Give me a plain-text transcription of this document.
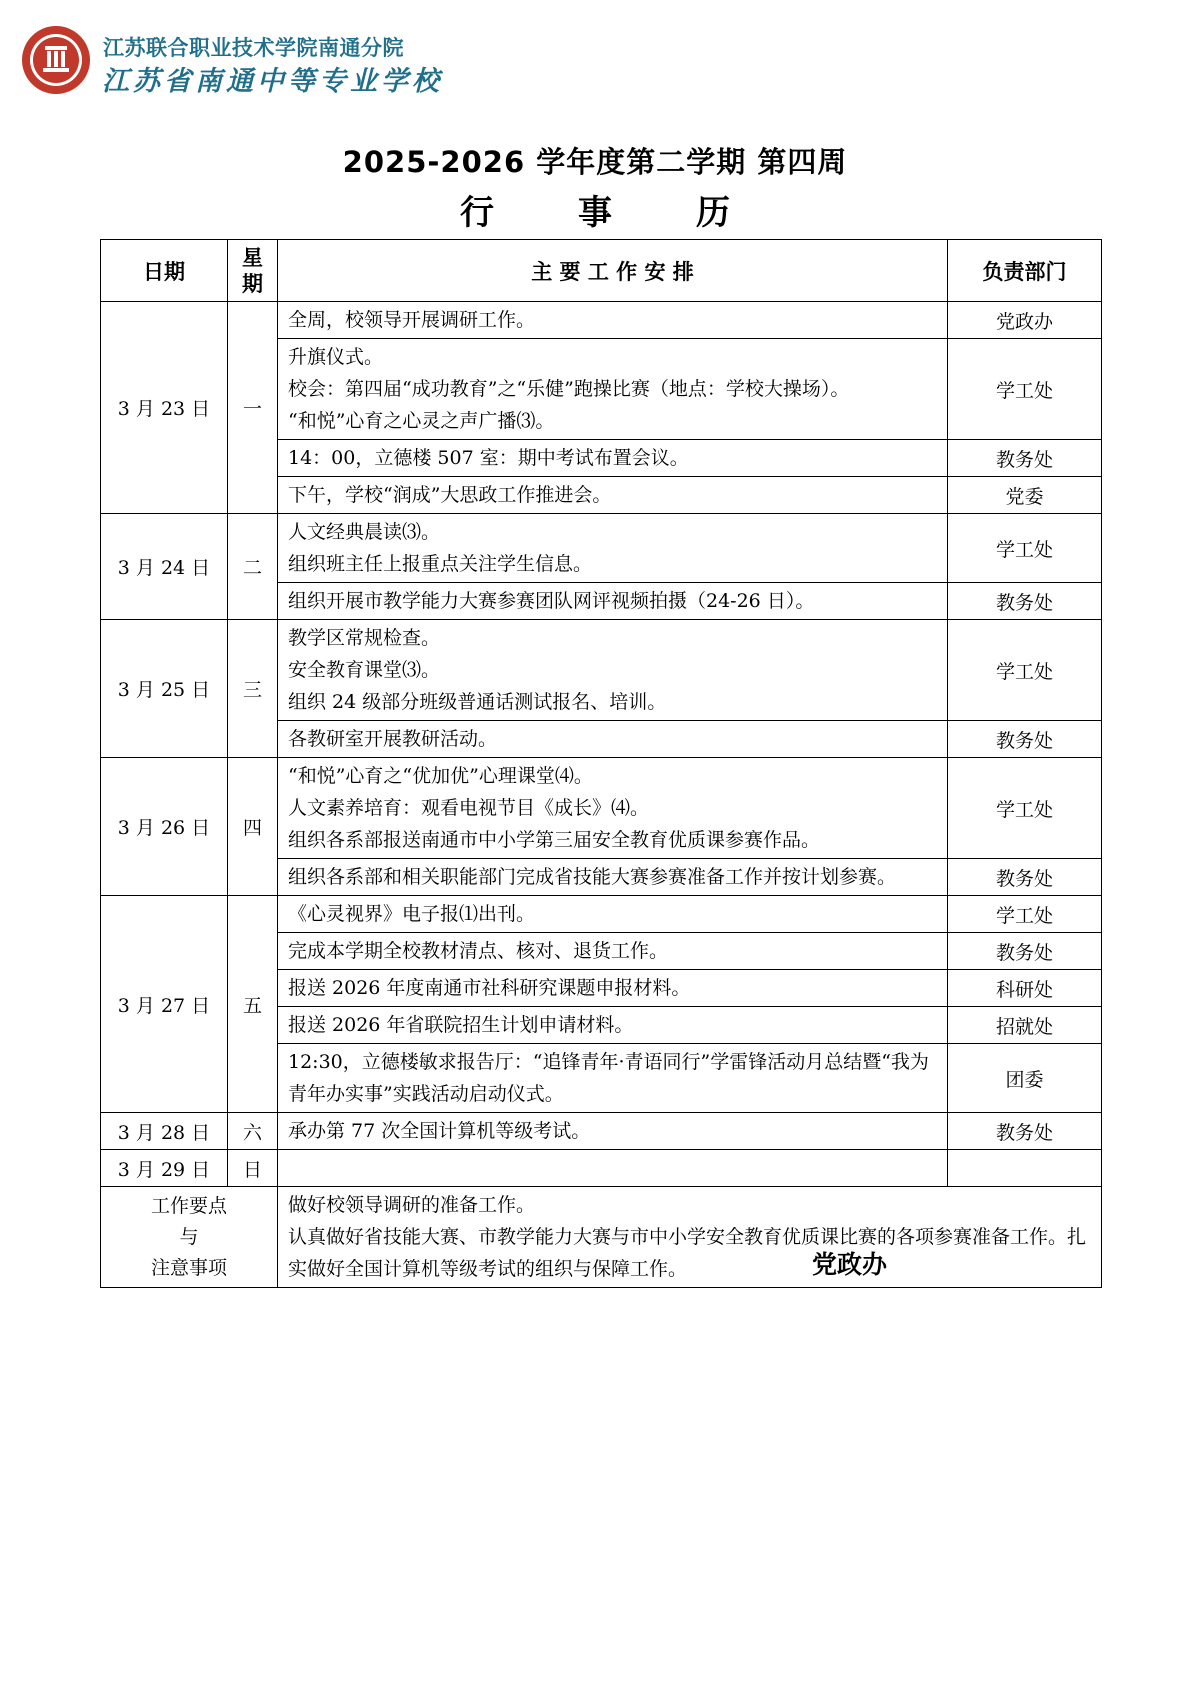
江苏联合职业技术学院南通分院
江苏省南通中等专业学校
2025-2026 学年度第二学期 第四周
行 事 历
日期	星期	主 要 工 作 安 排	负责部门
3 月 23 日	一	全周，校领导开展调研工作。	党政办

		升旗仪式。
校会：第四届“成功教育”之“乐健”跑操比赛（地点：学校大操场）。
“和悦”心育之心灵之声广播⑶。	学工处

		14：00，立德楼 507 室：期中考试布置会议。	教务处

		下午，学校“润成”大思政工作推进会。	党委
3 月 24 日	二	人文经典晨读⑶。
组织班主任上报重点关注学生信息。	学工处

		组织开展市教学能力大赛参赛团队网评视频拍摄（24-26 日）。	教务处
3 月 25 日	三	教学区常规检查。
安全教育课堂⑶。
组织 24 级部分班级普通话测试报名、培训。	学工处

		各教研室开展教研活动。	教务处
3 月 26 日	四	“和悦”心育之“优加优”心理课堂⑷。
人文素养培育：观看电视节目《成长》⑷。
组织各系部报送南通市中小学第三届安全教育优质课参赛作品。	学工处

		组织各系部和相关职能部门完成省技能大赛参赛准备工作并按计划参赛。	教务处
3 月 27 日	五	《心灵视界》电子报⑴出刊。	学工处

		完成本学期全校教材清点、核对、退货工作。	教务处

		报送 2026 年度南通市社科研究课题申报材料。	科研处

		报送 2026 年省联院招生计划申请材料。	招就处

		12:30，立德楼敏求报告厅：“追锋青年·青语同行”学雷锋活动月总结暨“我为青年办实事”实践活动启动仪式。	团委
3 月 28 日	六	承办第 77 次全国计算机等级考试。	教务处
3 月 29 日	日	

工作要点
与
注意事项		做好校领导调研的准备工作。
认真做好省技能大赛、市教学能力大赛与市中小学安全教育优质课比赛的各项参赛准备工作。扎实做好全国计算机等级考试的组织与保障工作。		党政办
